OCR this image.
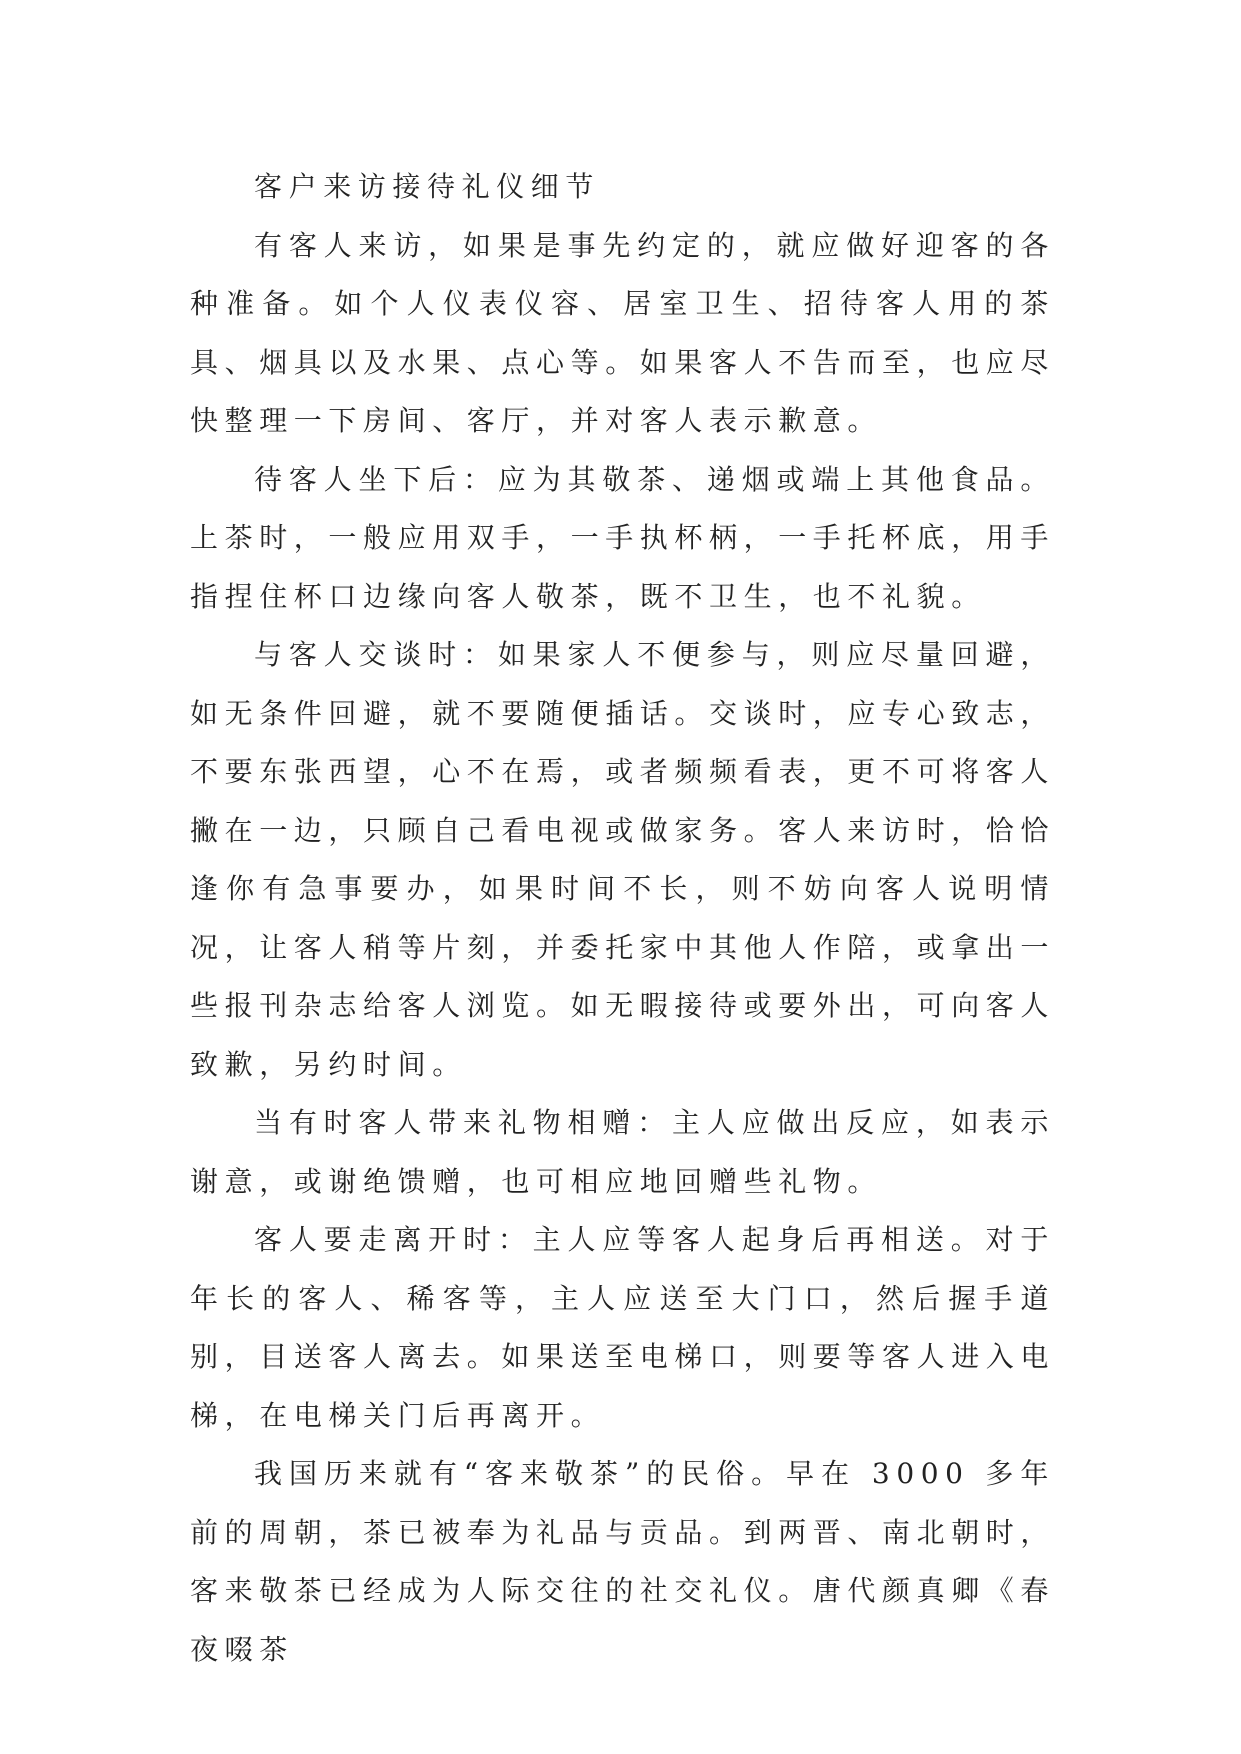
客户来访接待礼仪细节

有客人来访，如果是事先约定的，就应做好迎客的各种准备。如个人仪表仪容、居室卫生、招待客人用的茶具、烟具以及水果、点心等。如果客人不告而至，也应尽快整理一下房间、客厅，并对客人表示歉意。

待客人坐下后：应为其敬茶、递烟或端上其他食品。上茶时，一般应用双手，一手执杯柄，一手托杯底，用手指捏住杯口边缘向客人敬茶，既不卫生，也不礼貌。

与客人交谈时：如果家人不便参与，则应尽量回避，如无条件回避，就不要随便插话。交谈时，应专心致志，不要东张西望，心不在焉，或者频频看表，更不可将客人撇在一边，只顾自己看电视或做家务。客人来访时，恰恰逢你有急事要办，如果时间不长，则不妨向客人说明情况，让客人稍等片刻，并委托家中其他人作陪，或拿出一些报刊杂志给客人浏览。如无暇接待或要外出，可向客人致歉，另约时间。

当有时客人带来礼物相赠：主人应做出反应，如表示谢意，或谢绝馈赠，也可相应地回赠些礼物。

客人要走离开时：主人应等客人起身后再相送。对于年长的客人、稀客等，主人应送至大门口，然后握手道别，目送客人离去。如果送至电梯口，则要等客人进入电梯，在电梯关门后再离开。

我国历来就有“客来敬茶”的民俗。早在 3000 多年前的周朝，茶已被奉为礼品与贡品。到两晋、南北朝时，客来敬茶已经成为人际交往的社交礼仪。唐代颜真卿《春夜啜茶
